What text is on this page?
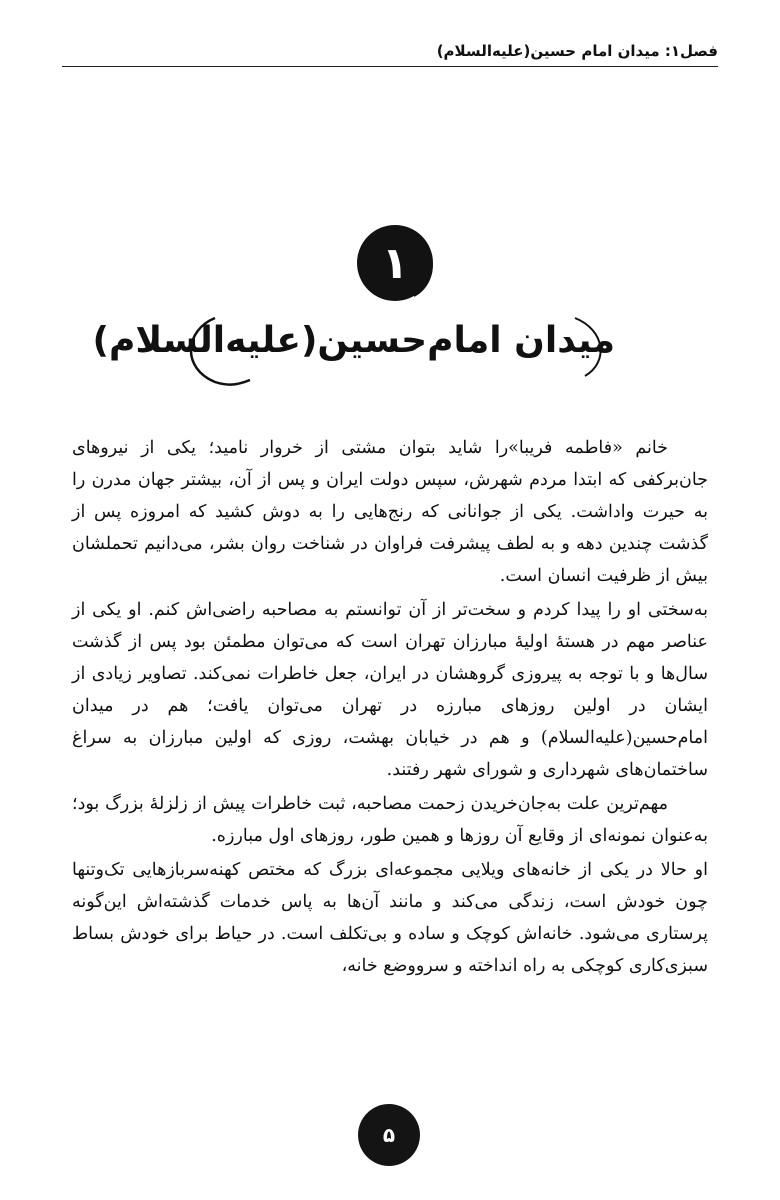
فصل۱: میدان امام حسین(علیه‌السلام)
۱
میدان امام‌حسین(علیه‌السلام)

خانم «فاطمه فریبا»را شاید بتوان مشتی از خروار نامید؛ یکی از نیروهای جان‌برکفی که ابتدا مردم شهرش، سپس دولت ایران و پس از آن، بیشتر جهان مدرن را به حیرت واداشت. یکی از جوانانی که رنج‌هایی را به دوش کشید که امروزه پس از گذشت چندین دهه و به لطف پیشرفت فراوان در شناخت روان بشر، می‌دانیم تحملشان بیش از ظرفیت انسان است.

به‌سختی او را پیدا کردم و سخت‌تر از آن توانستم به مصاحبه راضی‌اش کنم. او یکی از عناصر مهم در هستهٔ اولیهٔ مبارزان تهران است که می‌توان مطمئن بود پس از گذشت سال‌ها و با توجه به پیروزی گروهشان در ایران، جعل خاطرات نمی‌کند. تصاویر زیادی از ایشان در اولین روزهای مبارزه در تهران می‌توان یافت؛ هم در میدان امام‌حسین(علیه‌السلام) و هم در خیابان بهشت، روزی که اولین مبارزان به سراغ ساختمان‌های شهرداری و شورای شهر رفتند.

مهم‌ترین علت به‌جان‌خریدن زحمت مصاحبه، ثبت خاطرات پیش از زلزلهٔ بزرگ بود؛ به‌عنوان نمونه‌ای از وقایع آن روزها و همین طور، روزهای اول مبارزه.

او حالا در یکی از خانه‌های ویلایی مجموعه‌ای بزرگ که مختص کهنه‌سربازهایی تک‌وتنها چون خودش است، زندگی می‌کند و مانند آن‌ها به پاس خدمات گذشته‌اش این‌گونه پرستاری می‌شود. خانه‌اش کوچک و ساده و بی‌تکلف است. در حیاط برای خودش بساط سبزی‌کاری کوچکی به راه انداخته و سرووضع خانه،

۵
